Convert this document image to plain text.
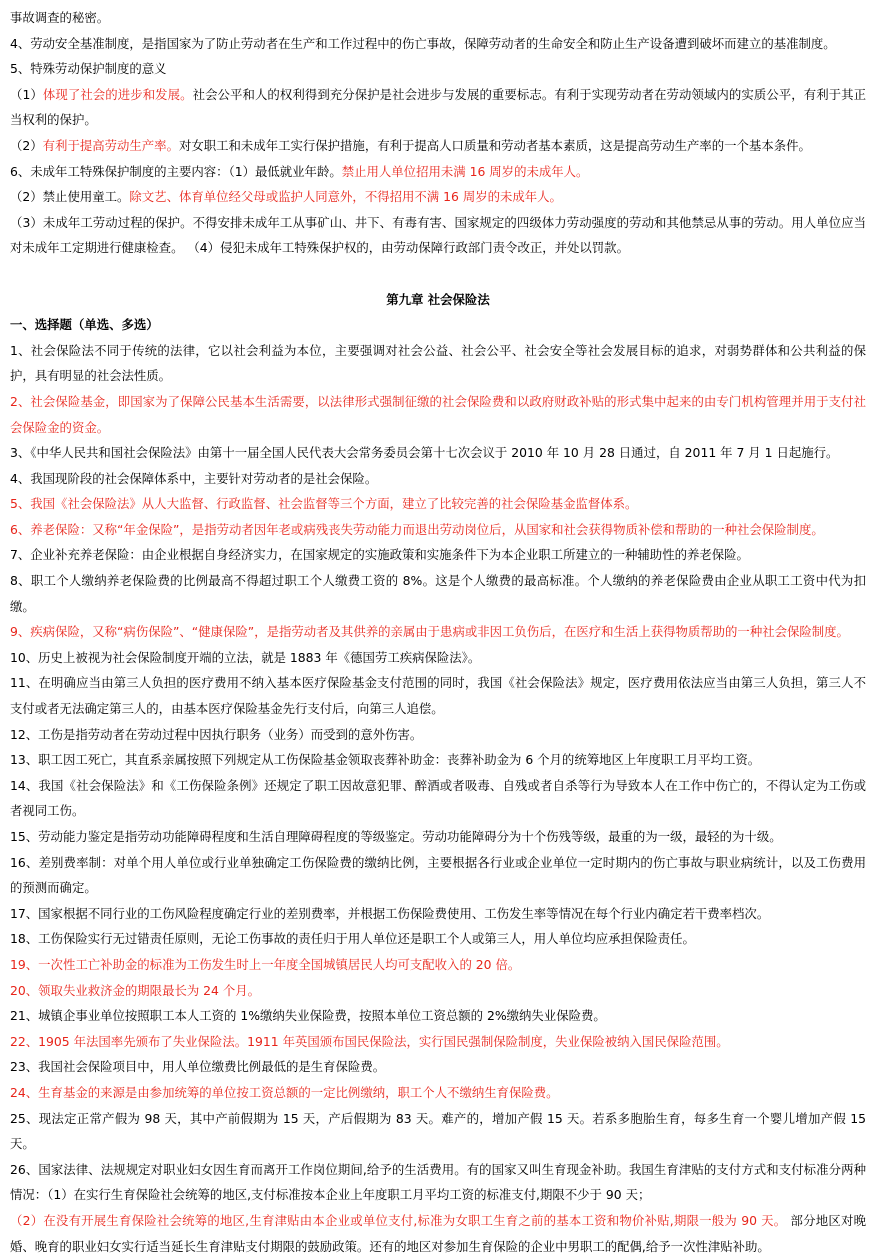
事故调查的秘密。

4、劳动安全基准制度，是指国家为了防止劳动者在生产和工作过程中的伤亡事故，保障劳动者的生命安全和防止生产设备遭到破坏而建立的基准制度。

5、特殊劳动保护制度的意义

（1）体现了社会的进步和发展。社会公平和人的权利得到充分保护是社会进步与发展的重要标志。有利于实现劳动者在劳动领域内的实质公平，有利于其正当权利的保护。

（2）有利于提高劳动生产率。对女职工和未成年工实行保护措施，有利于提高人口质量和劳动者基本素质，这是提高劳动生产率的一个基本条件。

6、未成年工特殊保护制度的主要内容：（1）最低就业年龄。禁止用人单位招用未满 16 周岁的未成年人。

（2）禁止使用童工。除文艺、体育单位经父母或监护人同意外，不得招用不满 16 周岁的未成年人。

（3）未成年工劳动过程的保护。不得安排未成年工从事矿山、井下、有毒有害、国家规定的四级体力劳动强度的劳动和其他禁忌从事的劳动。用人单位应当对未成年工定期进行健康检查。 （4）侵犯未成年工特殊保护权的，由劳动保障行政部门责令改正，并处以罚款。

第九章 社会保险法

一、选择题（单选、多选）

1、社会保险法不同于传统的法律，它以社会利益为本位，主要强调对社会公益、社会公平、社会安全等社会发展目标的追求，对弱势群体和公共利益的保护，具有明显的社会法性质。

2、社会保险基金，即国家为了保障公民基本生活需要，以法律形式强制征缴的社会保险费和以政府财政补贴的形式集中起来的由专门机构管理并用于支付社会保险金的资金。

3、《中华人民共和国社会保险法》由第十一届全国人民代表大会常务委员会第十七次会议于 2010 年 10 月 28 日通过，自 2011 年 7 月 1 日起施行。

4、我国现阶段的社会保障体系中，主要针对劳动者的是社会保险。

5、我国《社会保险法》从人大监督、行政监督、社会监督等三个方面，建立了比较完善的社会保险基金监督体系。

6、养老保险：又称“年金保险”，是指劳动者因年老或病残丧失劳动能力而退出劳动岗位后，从国家和社会获得物质补偿和帮助的一种社会保险制度。

7、企业补充养老保险：由企业根据自身经济实力，在国家规定的实施政策和实施条件下为本企业职工所建立的一种辅助性的养老保险。

8、职工个人缴纳养老保险费的比例最高不得超过职工个人缴费工资的 8%。这是个人缴费的最高标准。个人缴纳的养老保险费由企业从职工工资中代为扣缴。

9、疾病保险，又称“病伤保险”、“健康保险”，是指劳动者及其供养的亲属由于患病或非因工负伤后，在医疗和生活上获得物质帮助的一种社会保险制度。

10、历史上被视为社会保险制度开端的立法，就是 1883 年《德国劳工疾病保险法》。

11、在明确应当由第三人负担的医疗费用不纳入基本医疗保险基金支付范围的同时，我国《社会保险法》规定，医疗费用依法应当由第三人负担，第三人不支付或者无法确定第三人的，由基本医疗保险基金先行支付后，向第三人追偿。

12、工伤是指劳动者在劳动过程中因执行职务（业务）而受到的意外伤害。

13、职工因工死亡，其直系亲属按照下列规定从工伤保险基金领取丧葬补助金：丧葬补助金为 6 个月的统筹地区上年度职工月平均工资。

14、我国《社会保险法》和《工伤保险条例》还规定了职工因故意犯罪、醉酒或者吸毒、自残或者自杀等行为导致本人在工作中伤亡的，不得认定为工伤或者视同工伤。

15、劳动能力鉴定是指劳动功能障碍程度和生活自理障碍程度的等级鉴定。劳动功能障碍分为十个伤残等级，最重的为一级，最轻的为十级。

16、差别费率制：对单个用人单位或行业单独确定工伤保险费的缴纳比例，主要根据各行业或企业单位一定时期内的伤亡事故与职业病统计，以及工伤费用的预测而确定。

17、国家根据不同行业的工伤风险程度确定行业的差别费率，并根据工伤保险费使用、工伤发生率等情况在每个行业内确定若干费率档次。

18、工伤保险实行无过错责任原则，无论工伤事故的责任归于用人单位还是职工个人或第三人，用人单位均应承担保险责任。

19、一次性工亡补助金的标准为工伤发生时上一年度全国城镇居民人均可支配收入的 20 倍。

20、领取失业救济金的期限最长为 24 个月。

21、城镇企事业单位按照职工本人工资的 1%缴纳失业保险费，按照本单位工资总额的 2%缴纳失业保险费。

22、1905 年法国率先颁布了失业保险法。1911 年英国颁布国民保险法，实行国民强制保险制度，失业保险被纳入国民保险范围。

23、我国社会保险项目中，用人单位缴费比例最低的是生育保险费。

24、生育基金的来源是由参加统筹的单位按工资总额的一定比例缴纳，职工个人不缴纳生育保险费。

25、现法定正常产假为 98 天，其中产前假期为 15 天，产后假期为 83 天。难产的，增加产假 15 天。若系多胞胎生育，每多生育一个婴儿增加产假 15 天。

26、国家法律、法规规定对职业妇女因生育而离开工作岗位期间,给予的生活费用。有的国家又叫生育现金补助。我国生育津贴的支付方式和支付标准分两种情况：（1）在实行生育保险社会统筹的地区,支付标准按本企业上年度职工月平均工资的标准支付,期限不少于 90 天；

（2）在没有开展生育保险社会统筹的地区,生育津贴由本企业或单位支付,标准为女职工生育之前的基本工资和物价补贴,期限一般为 90 天。 部分地区对晚婚、晚育的职业妇女实行适当延长生育津贴支付期限的鼓励政策。还有的地区对参加生育保险的企业中男职工的配偶,给予一次性津贴补助。
